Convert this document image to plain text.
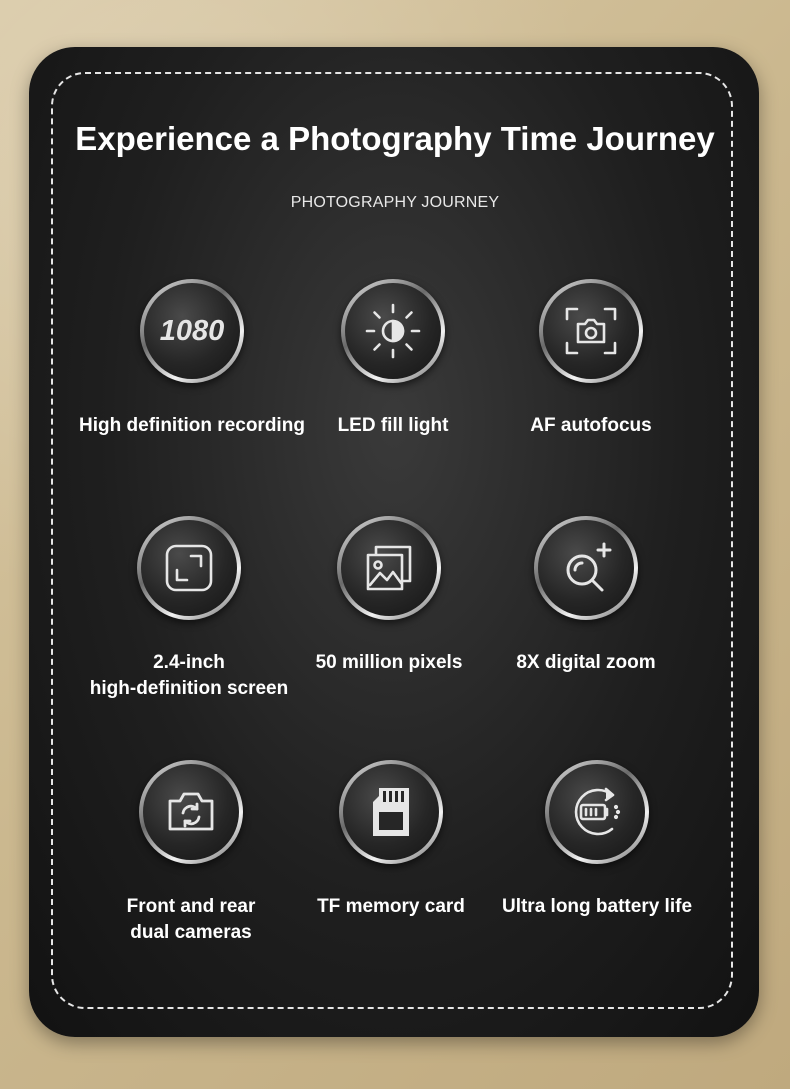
Experience a Photography Time Journey
PHOTOGRAPHY JOURNEY
1080
High definition recording	LED fill light	AF autofocus
2.4-inch
high-definition screen
50 million pixels	8X digital zoom
Front and rear
dual cameras
TF memory card	Ultra long battery life
